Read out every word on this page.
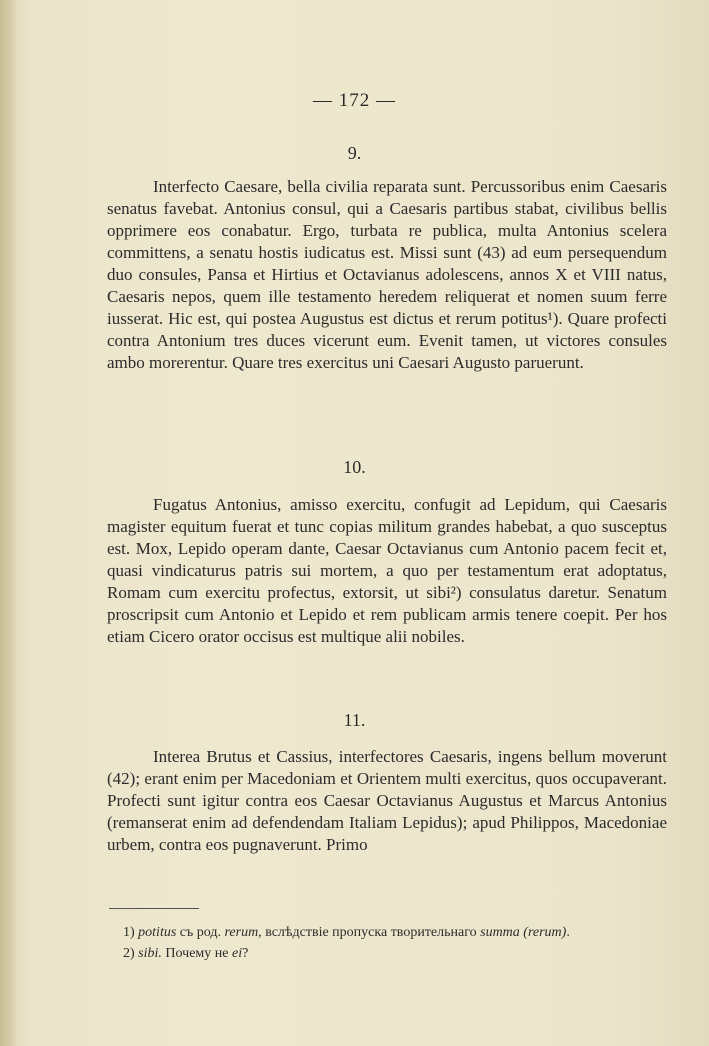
— 172 —
9.

Interfecto Caesare, bella civilia reparata sunt. Percussoribus enim Caesaris senatus favebat. Antonius consul, qui a Caesaris partibus stabat, civilibus bellis opprimere eos conabatur. Ergo, turbata re publica, multa Antonius scelera committens, a senatu hostis iudicatus est. Missi sunt (43) ad eum persequendum duo consules, Pansa et Hirtius et Octavianus adolescens, annos X et VIII natus, Caesaris nepos, quem ille testamento heredem reliquerat et nomen suum ferre iusserat. Hic est, qui postea Augustus est dictus et rerum potitus¹). Quare profecti contra Antonium tres duces vicerunt eum. Evenit tamen, ut victores consules ambo morerentur. Quare tres exercitus uni Caesari Augusto paruerunt.

10.

Fugatus Antonius, amisso exercitu, confugit ad Lepidum, qui Caesaris magister equitum fuerat et tunc copias militum grandes habebat, a quo susceptus est. Mox, Lepido operam dante, Caesar Octavianus cum Antonio pacem fecit et, quasi vindicaturus patris sui mortem, a quo per testamentum erat adoptatus, Romam cum exercitu profectus, extorsit, ut sibi²) consulatus daretur. Senatum proscripsit cum Antonio et Lepido et rem publicam armis tenere coepit. Per hos etiam Cicero orator occisus est multique alii nobiles.

11.

Interea Brutus et Cassius, interfectores Caesaris, ingens bellum moverunt (42); erant enim per Macedoniam et Orientem multi exercitus, quos occupaverant. Profecti sunt igitur contra eos Caesar Octavianus Augustus et Marcus Antonius (remanserat enim ad defendendam Italiam Lepidus); apud Philippos, Macedoniae urbem, contra eos pugnaverunt. Primo

1) potitus съ род. rerum, вслѣдствіе пропуска творительнаго summa (rerum).

2) sibi. Почему не ei?
